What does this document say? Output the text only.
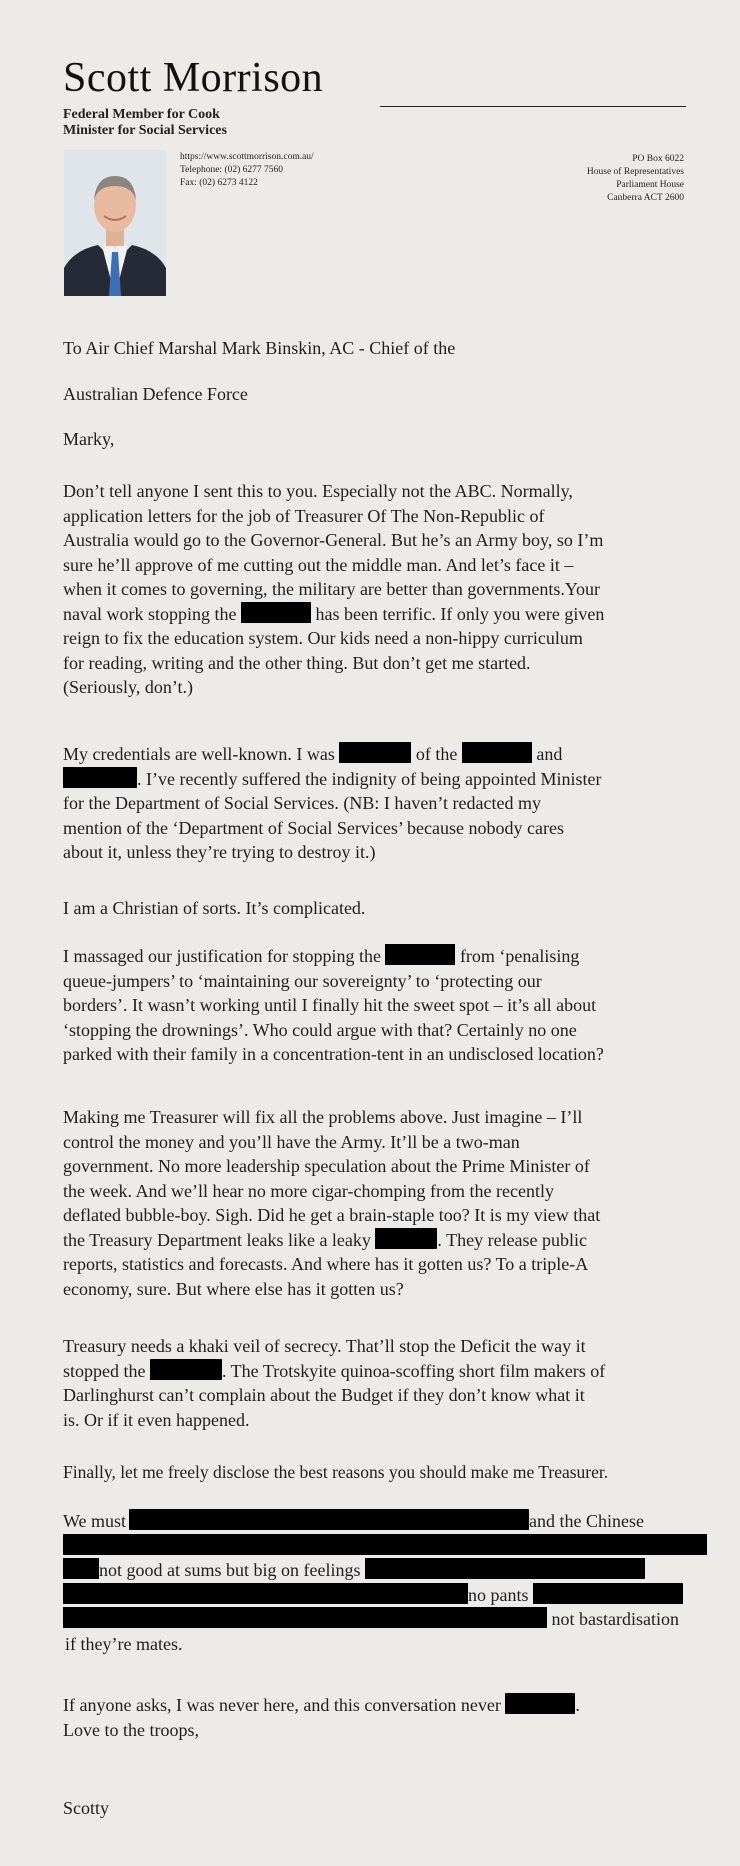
Scott Morrison
Federal Member for Cook
Minister for Social Services
https://www.scottmorrison.com.au/
Telephone: (02) 6277 7560
Fax: (02) 6273 4122
PO Box 6022
House of Representatives
Parliament House
Canberra ACT 2600
To Air Chief Marshal Mark Binskin, AC - Chief of the
Australian Defence Force
Marky,
Don’t tell anyone I sent this to you. Especially not the ABC. Normally,
application letters for the job of Treasurer Of The Non-Republic of
Australia would go to the Governor-General. But he’s an Army boy, so I’m
sure he’ll approve of me cutting out the middle man. And let’s face it –
when it comes to governing, the military are better than governments.Your
naval work stopping the	has been terrific. If only you were given
reign to fix the education system. Our kids need a non-hippy curriculum
for reading, writing and the other thing. But don’t get me started.
(Seriously, don’t.)
My credentials are well-known. I was	of the	and
. I’ve recently suffered the indignity of being appointed Minister
for the Department of Social Services. (NB: I haven’t redacted my
mention of the ‘Department of Social Services’ because nobody cares
about it, unless they’re trying to destroy it.)
I am a Christian of sorts. It’s complicated.
I massaged our justification for stopping the	from ‘penalising
queue-jumpers’ to ‘maintaining our sovereignty’ to ‘protecting our
borders’. It wasn’t working until I finally hit the sweet spot – it’s all about
‘stopping the drownings’. Who could argue with that? Certainly no one
parked with their family in a concentration-tent in an undisclosed location?
Making me Treasurer will fix all the problems above. Just imagine – I’ll
control the money and you’ll have the Army. It’ll be a two-man
government. No more leadership speculation about the Prime Minister of
the week. And we’ll hear no more cigar-chomping from the recently
deflated bubble-boy. Sigh. Did he get a brain-staple too? It is my view that
the Treasury Department leaks like a leaky	. They release public
reports, statistics and forecasts. And where has it gotten us? To a triple-A
economy, sure. But where else has it gotten us?
Treasury needs a khaki veil of secrecy. That’ll stop the Deficit the way it
stopped the	. The Trotskyite quinoa-scoffing short film makers of
Darlinghurst can’t complain about the Budget if they don’t know what it
is. Or if it even happened.
Finally, let me freely disclose the best reasons you should make me Treasurer.
We must	and the Chinese
not good at sums but big on feelings
no pants
not bastardisation
if they’re mates.
If anyone asks, I was never here, and this conversation never	.
Love to the troops,
Scotty
